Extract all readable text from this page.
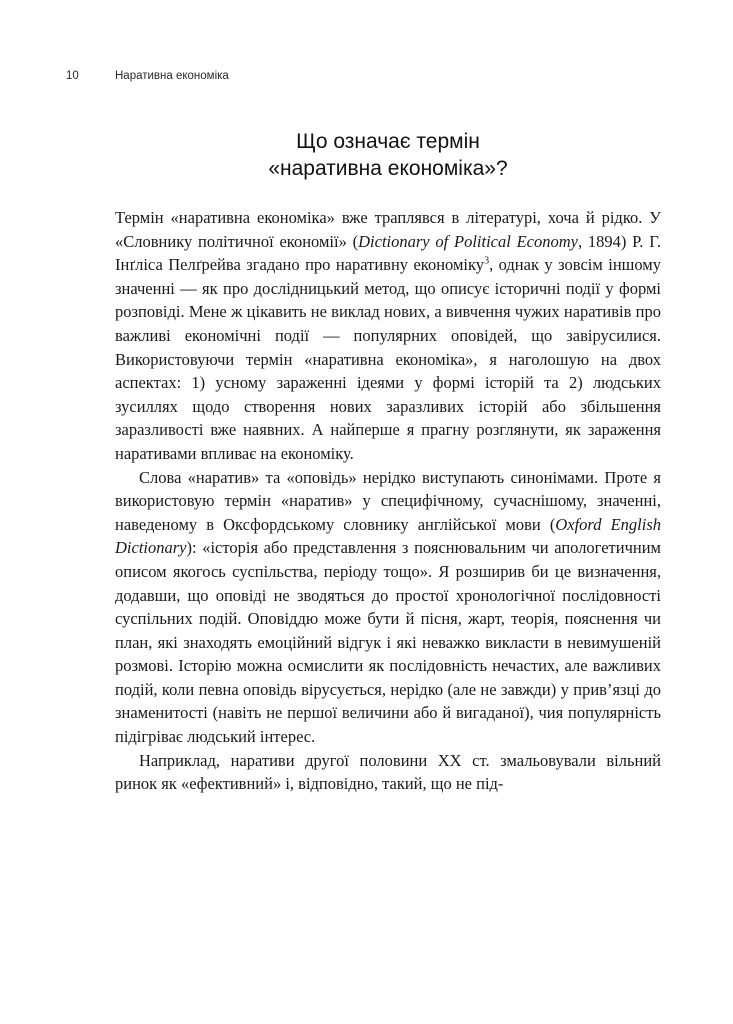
10	Наративна економіка
Що означає термін
«наративна економіка»?

Термін «наративна економіка» вже траплявся в літературі, хоча й рідко. У «Словнику політичної економії» (Dictionary of Political Economy, 1894) Р. Г. Інґліса Пелґрейва згадано про наративну економіку$^3$, однак у зовсім іншому значенні — як про дослідницький метод, що описує історичні події у формі розповіді. Мене ж цікавить не виклад нових, а вивчення чужих наративів про важливі економічні події — популярних оповідей, що завірусилися. Використовуючи термін «наративна економіка», я наголошую на двох аспектах: 1) усному зараженні ідеями у формі історій та 2) людських зусиллях щодо створення нових заразливих історій або збільшення заразливості вже наявних. А найперше я прагну розглянути, як зараження наративами впливає на економіку.

Слова «наратив» та «оповідь» нерідко виступають синонімами. Проте я використовую термін «наратив» у специфічному, сучаснішому, значенні, наведеному в Оксфордському словнику англійської мови (Oxford English Dictionary): «історія або представлення з пояснювальним чи апологетичним описом якогось суспільства, періоду тощо». Я розширив би це визначення, додавши, що оповіді не зводяться до простої хронологічної послідовності суспільних подій. Оповіддю може бути й пісня, жарт, теорія, пояснення чи план, які знаходять емоційний відгук і які неважко викласти в невимушеній розмові. Історію можна осмислити як послідовність нечастих, але важливих подій, коли певна оповідь вірусується, нерідко (але не завжди) у прив’язці до знаменитості (навіть не першої величини або й вигаданої), чия популярність підігріває людський інтерес.

Наприклад, наративи другої половини XX ст. змальовували вільний ринок як «ефективний» і, відповідно, такий, що не під-
